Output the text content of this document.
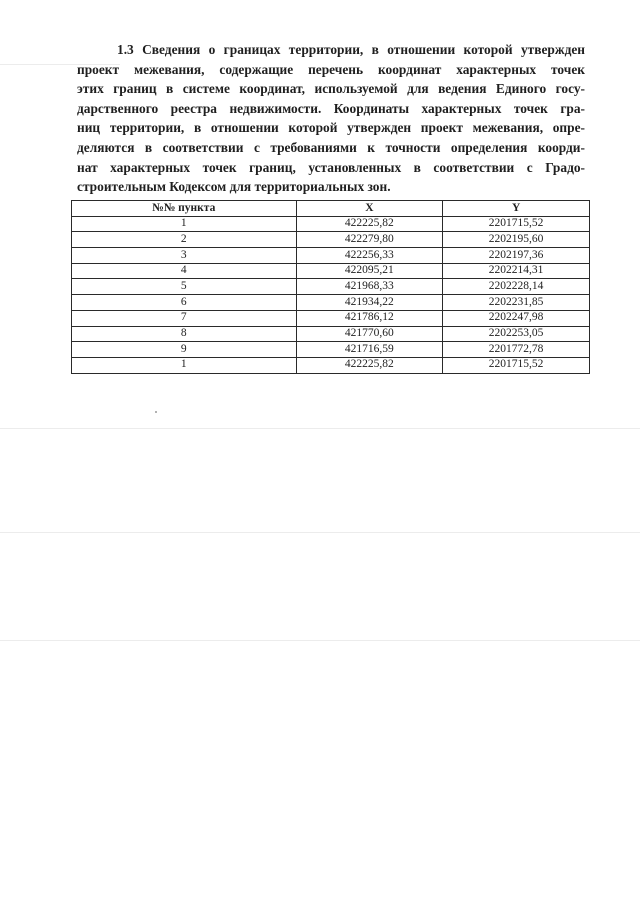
1.3 Сведения о границах территории, в отношении которой утвержден
проект межевания, содержащие перечень координат характерных точек
этих границ в системе координат, используемой для ведения Единого госу-
дарственного реестра недвижимости. Координаты характерных точек гра-
ниц территории, в отношении которой утвержден проект межевания, опре-
деляются в соответствии с требованиями к точности определения коорди-
нат характерных точек границ, установленных в соответствии с Градо-
строительным Кодексом для территориальных зон.
№№ пункта	X	Y
1	422225,82	2201715,52
2	422279,80	2202195,60
3	422256,33	2202197,36
4	422095,21	2202214,31
5	421968,33	2202228,14
6	421934,22	2202231,85
7	421786,12	2202247,98
8	421770,60	2202253,05
9	421716,59	2201772,78
1	422225,82	2201715,52
